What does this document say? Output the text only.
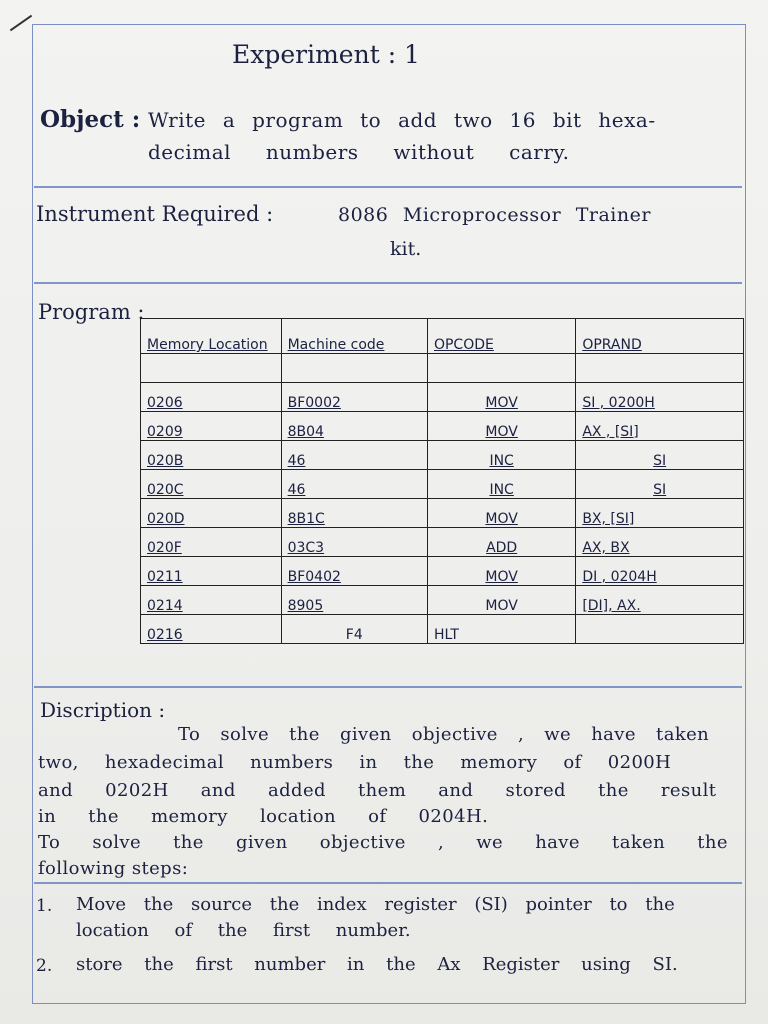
Experiment : 1
Object : Write a program to add two 16 bit hexa-
decimal numbers without carry.
Instrument Required :	8086 Microprocessor Trainer
kit.
Program :
Memory Location	Machine code	OPCODE	OPRAND

0206	BF0002	MOV	SI , 0200H
0209	8B04	MOV	AX , [SI]
020B	46	INC	SI
020C	46	INC	SI
020D	8B1C	MOV	BX, [SI]
020F	03C3	ADD	AX, BX
0211	BF0402	MOV	DI , 0204H
0214	8905	MOV	[DI], AX.
0216	F4	HLT	
Discription :
To solve the given objective , we have taken
two, hexadecimal numbers in the memory of 0200H
and 0202H and added them and stored the result
in the memory location of 0204H.
To solve the given objective , we have taken the
following steps:
1. Move the source the index register (SI) pointer to the
location of the first number.
2. store the first number in the Ax Register using SI.
